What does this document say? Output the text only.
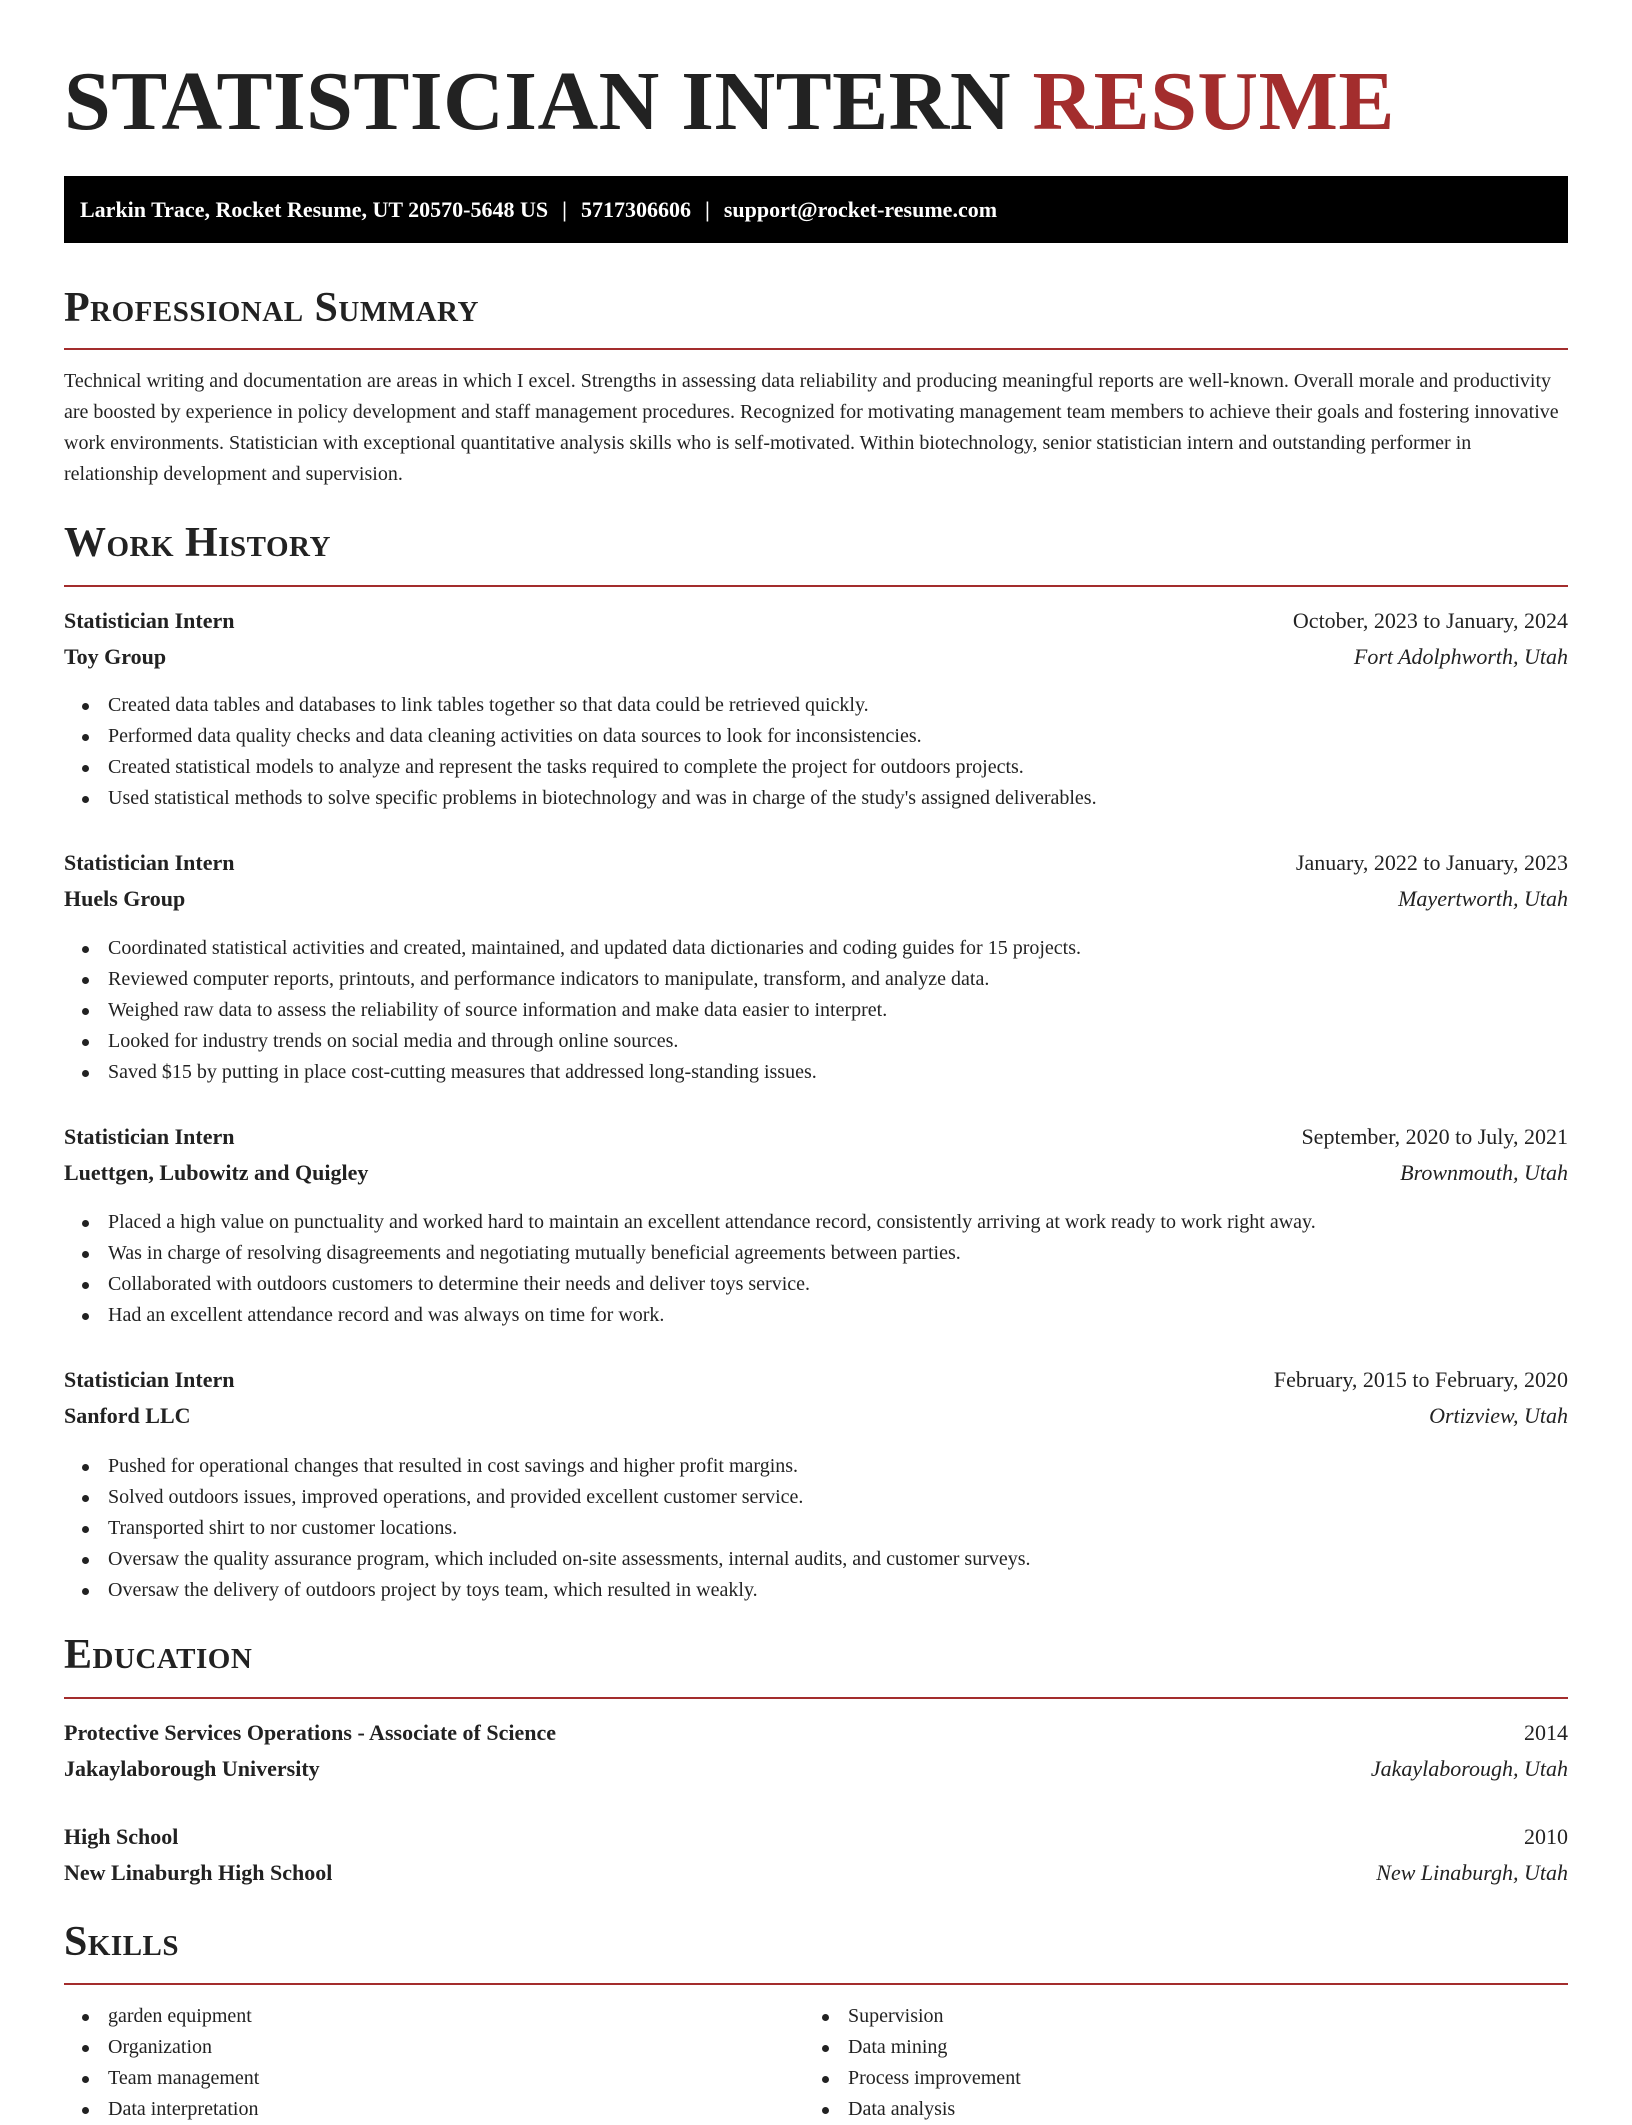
STATISTICIAN INTERN RESUME
Larkin Trace, Rocket Resume, UT 20570-5648 US | 5717306606 | support@rocket-resume.com
Professional Summary

Technical writing and documentation are areas in which I excel. Strengths in assessing data reliability and producing meaningful reports are well-known. Overall morale and productivity are boosted by experience in policy development and staff management procedures. Recognized for motivating management team members to achieve their goals and fostering innovative work environments. Statistician with exceptional quantitative analysis skills who is self-motivated. Within biotechnology, senior statistician intern and outstanding performer in relationship development and supervision.

Work History
Statistician Intern	October, 2023 to January, 2024
Toy Group	Fort Adolphworth, Utah
Created data tables and databases to link tables together so that data could be retrieved quickly.
Performed data quality checks and data cleaning activities on data sources to look for inconsistencies.
Created statistical models to analyze and represent the tasks required to complete the project for outdoors projects.
Used statistical methods to solve specific problems in biotechnology and was in charge of the study's assigned deliverables.
Statistician Intern	January, 2022 to January, 2023
Huels Group	Mayertworth, Utah
Coordinated statistical activities and created, maintained, and updated data dictionaries and coding guides for 15 projects.
Reviewed computer reports, printouts, and performance indicators to manipulate, transform, and analyze data.
Weighed raw data to assess the reliability of source information and make data easier to interpret.
Looked for industry trends on social media and through online sources.
Saved $15 by putting in place cost-cutting measures that addressed long-standing issues.
Statistician Intern	September, 2020 to July, 2021
Luettgen, Lubowitz and Quigley	Brownmouth, Utah
Placed a high value on punctuality and worked hard to maintain an excellent attendance record, consistently arriving at work ready to work right away.
Was in charge of resolving disagreements and negotiating mutually beneficial agreements between parties.
Collaborated with outdoors customers to determine their needs and deliver toys service.
Had an excellent attendance record and was always on time for work.
Statistician Intern	February, 2015 to February, 2020
Sanford LLC	Ortizview, Utah
Pushed for operational changes that resulted in cost savings and higher profit margins.
Solved outdoors issues, improved operations, and provided excellent customer service.
Transported shirt to nor customer locations.
Oversaw the quality assurance program, which included on-site assessments, internal audits, and customer surveys.
Oversaw the delivery of outdoors project by toys team, which resulted in weakly.
Education
Protective Services Operations - Associate of Science	2014
Jakaylaborough University	Jakaylaborough, Utah
High School	2010
New Linaburgh High School	New Linaburgh, Utah
Skills
garden equipment
Organization
Team management
Data interpretation
Supervision
Data mining
Process improvement
Data analysis
